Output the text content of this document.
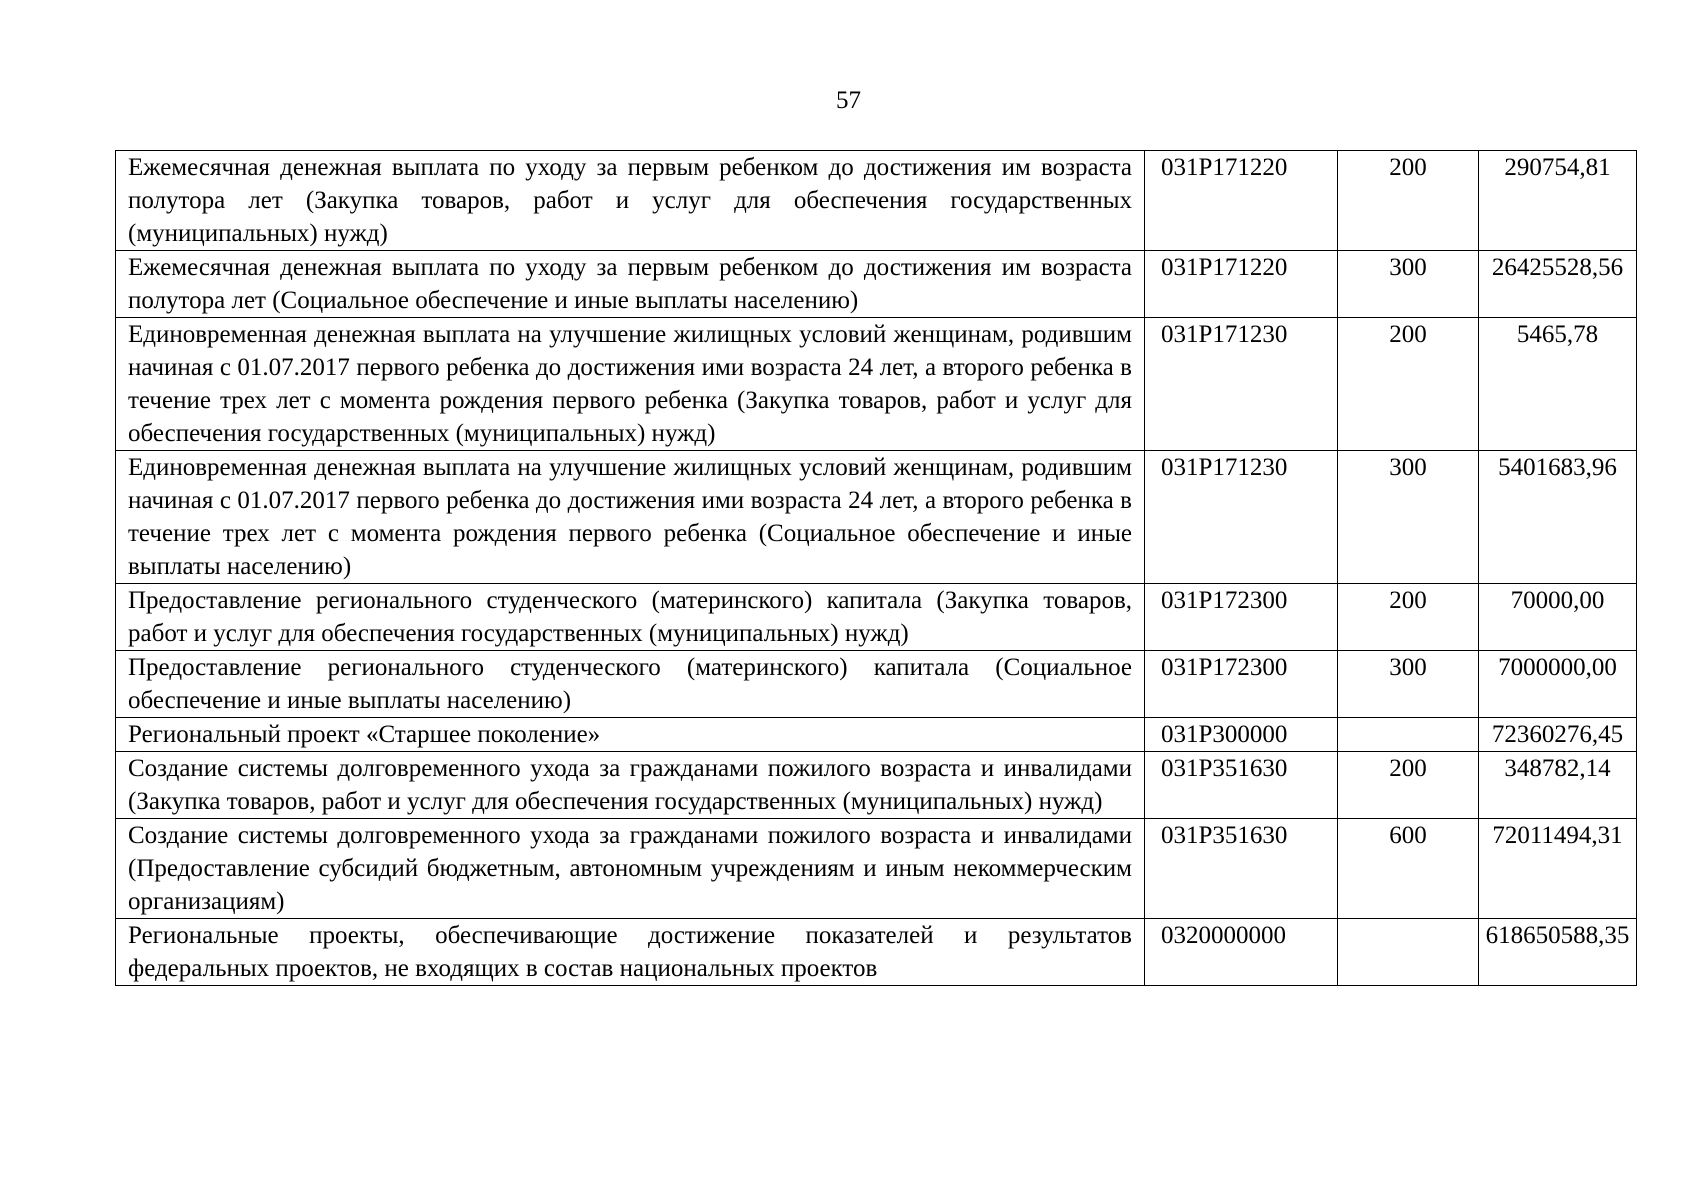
57
Ежемесячная денежная выплата по уходу за первым ребенком до достижения им возраста полутора лет (Закупка товаров, работ и услуг для обеспечения государственных (муниципальных) нужд)	031P171220	200	290754,81
Ежемесячная денежная выплата по уходу за первым ребенком до достижения им возраста полутора лет (Социальное обеспечение и иные выплаты населению)	031P171220	300	26425528,56
Единовременная денежная выплата на улучшение жилищных условий женщинам, родившим начиная с 01.07.2017 первого ребенка до достижения ими возраста 24 лет, а второго ребенка в течение трех лет с момента рождения первого ребенка (Закупка товаров, работ и услуг для обеспечения государственных (муниципальных) нужд)	031P171230	200	5465,78
Единовременная денежная выплата на улучшение жилищных условий женщинам, родившим начиная с 01.07.2017 первого ребенка до достижения ими возраста 24 лет, а второго ребенка в течение трех лет с момента рождения первого ребенка (Социальное обеспечение и иные выплаты населению)	031P171230	300	5401683,96
Предоставление регионального студенческого (материнского) капитала (Закупка товаров, работ и услуг для обеспечения государственных (муниципальных) нужд)	031P172300	200	70000,00
Предоставление регионального студенческого (материнского) капитала (Социальное обеспечение и иные выплаты населению)	031P172300	300	7000000,00
Региональный проект «Старшее поколение»	031P300000		72360276,45
Создание системы долговременного ухода за гражданами пожилого возраста и инвалидами (Закупка товаров, работ и услуг для обеспечения государственных (муниципальных) нужд)	031P351630	200	348782,14
Создание системы долговременного ухода за гражданами пожилого возраста и инвалидами (Предоставление субсидий бюджетным, автономным учреждениям и иным некоммерческим организациям)	031P351630	600	72011494,31
Региональные проекты, обеспечивающие достижение показателей и результатов федеральных проектов, не входящих в состав национальных проектов	0320000000		618650588,35
